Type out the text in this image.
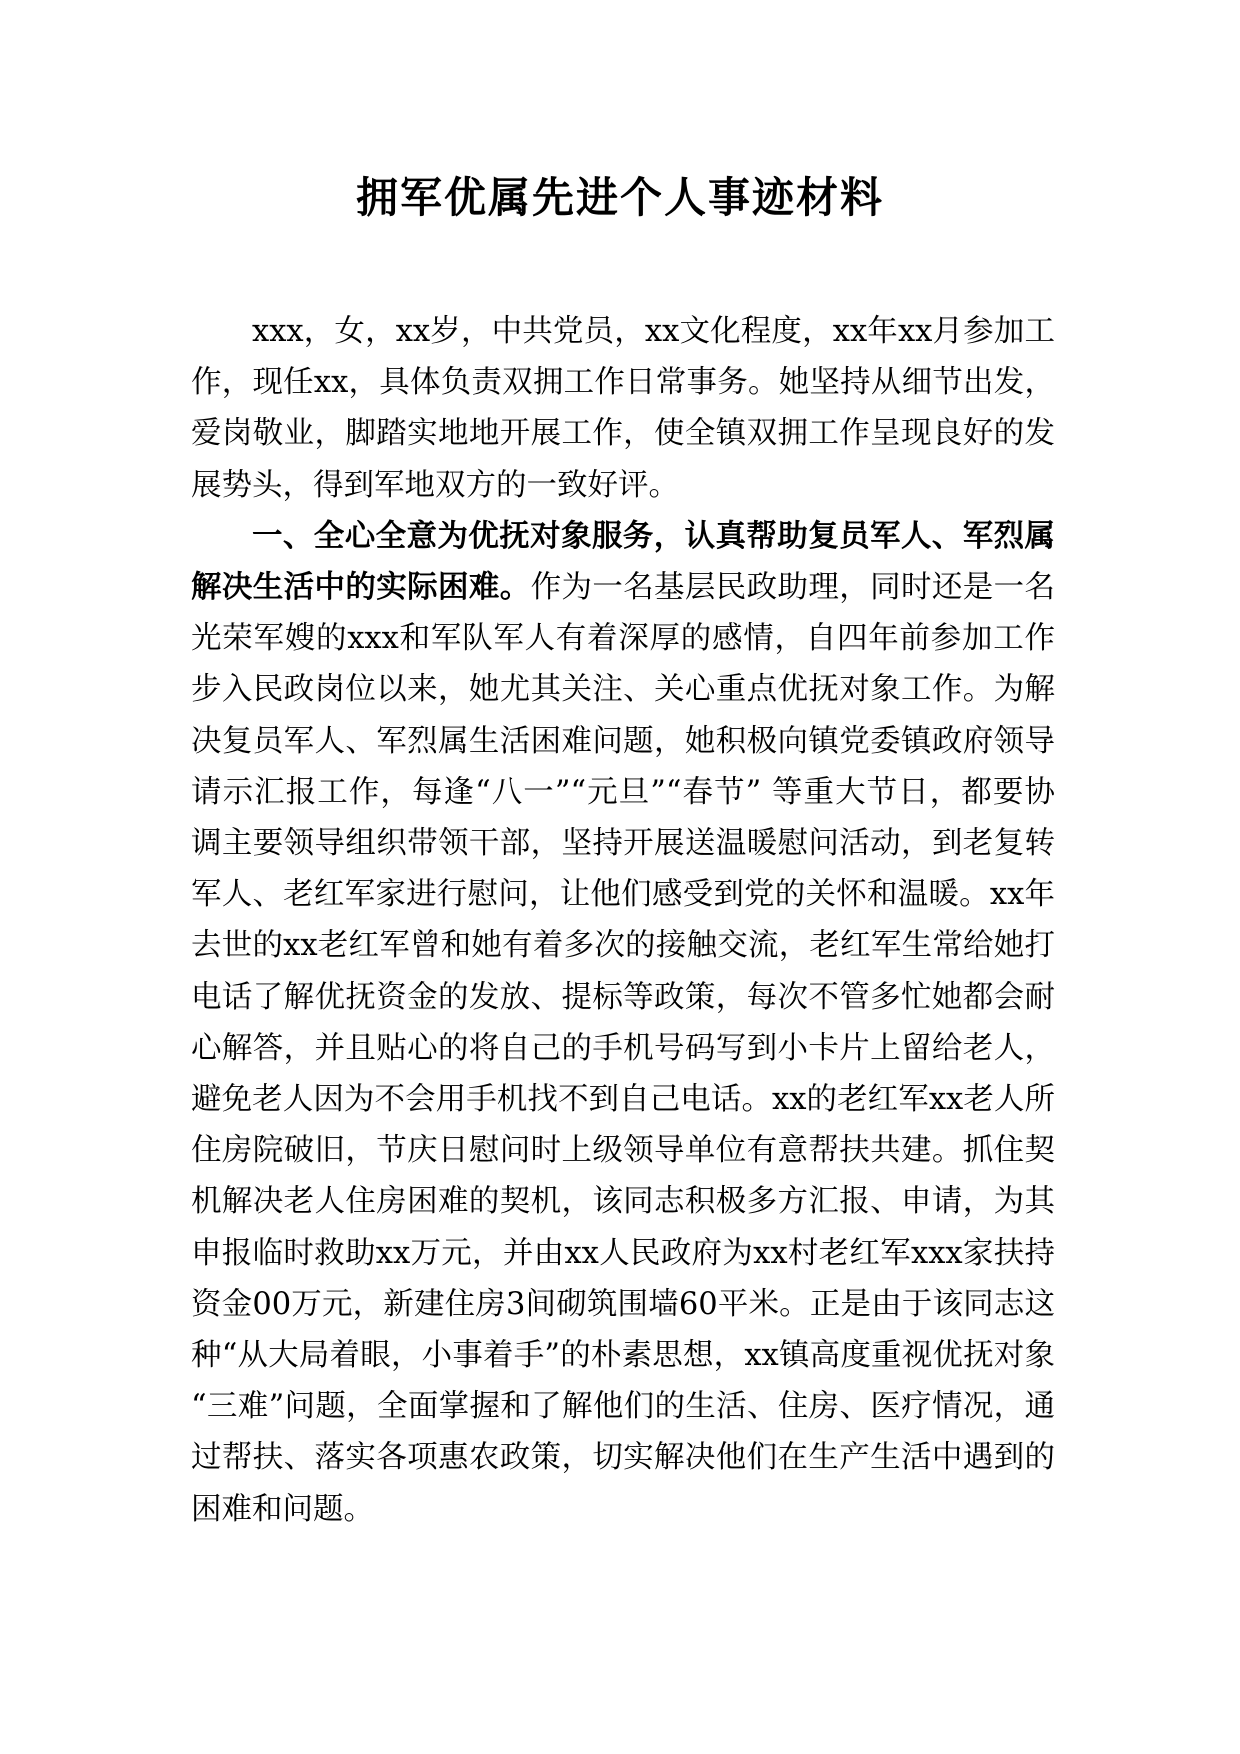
拥军优属先进个人事迹材料

xxx，女，xx岁，中共党员，xx文化程度，xx年xx月参加工作，现任xx，具体负责双拥工作日常事务。她坚持从细节出发，爱岗敬业，脚踏实地地开展工作，使全镇双拥工作呈现良好的发展势头，得到军地双方的一致好评。

一、全心全意为优抚对象服务，认真帮助复员军人、军烈属解决生活中的实际困难。作为一名基层民政助理，同时还是一名光荣军嫂的xxx和军队军人有着深厚的感情，自四年前参加工作步入民政岗位以来，她尤其关注、关心重点优抚对象工作。为解决复员军人、军烈属生活困难问题，她积极向镇党委镇政府领导请示汇报工作，每逢“八一”“元旦”“春节” 等重大节日，都要协调主要领导组织带领干部，坚持开展送温暖慰问活动，到老复转军人、老红军家进行慰问，让他们感受到党的关怀和温暖。xx年去世的xx老红军曾和她有着多次的接触交流，老红军生常给她打电话了解优抚资金的发放、提标等政策，每次不管多忙她都会耐心解答，并且贴心的将自己的手机号码写到小卡片上留给老人，避免老人因为不会用手机找不到自己电话。xx的老红军xx老人所住房院破旧，节庆日慰问时上级领导单位有意帮扶共建。抓住契机解决老人住房困难的契机，该同志积极多方汇报、申请，为其申报临时救助xx万元，并由xx人民政府为xx村老红军xxx家扶持资金00万元，新建住房3间砌筑围墙60平米。正是由于该同志这种“从大局着眼，小事着手”的朴素思想，xx镇高度重视优抚对象 “三难”问题，全面掌握和了解他们的生活、住房、医疗情况，通过帮扶、落实各项惠农政策，切实解决他们在生产生活中遇到的困难和问题。
